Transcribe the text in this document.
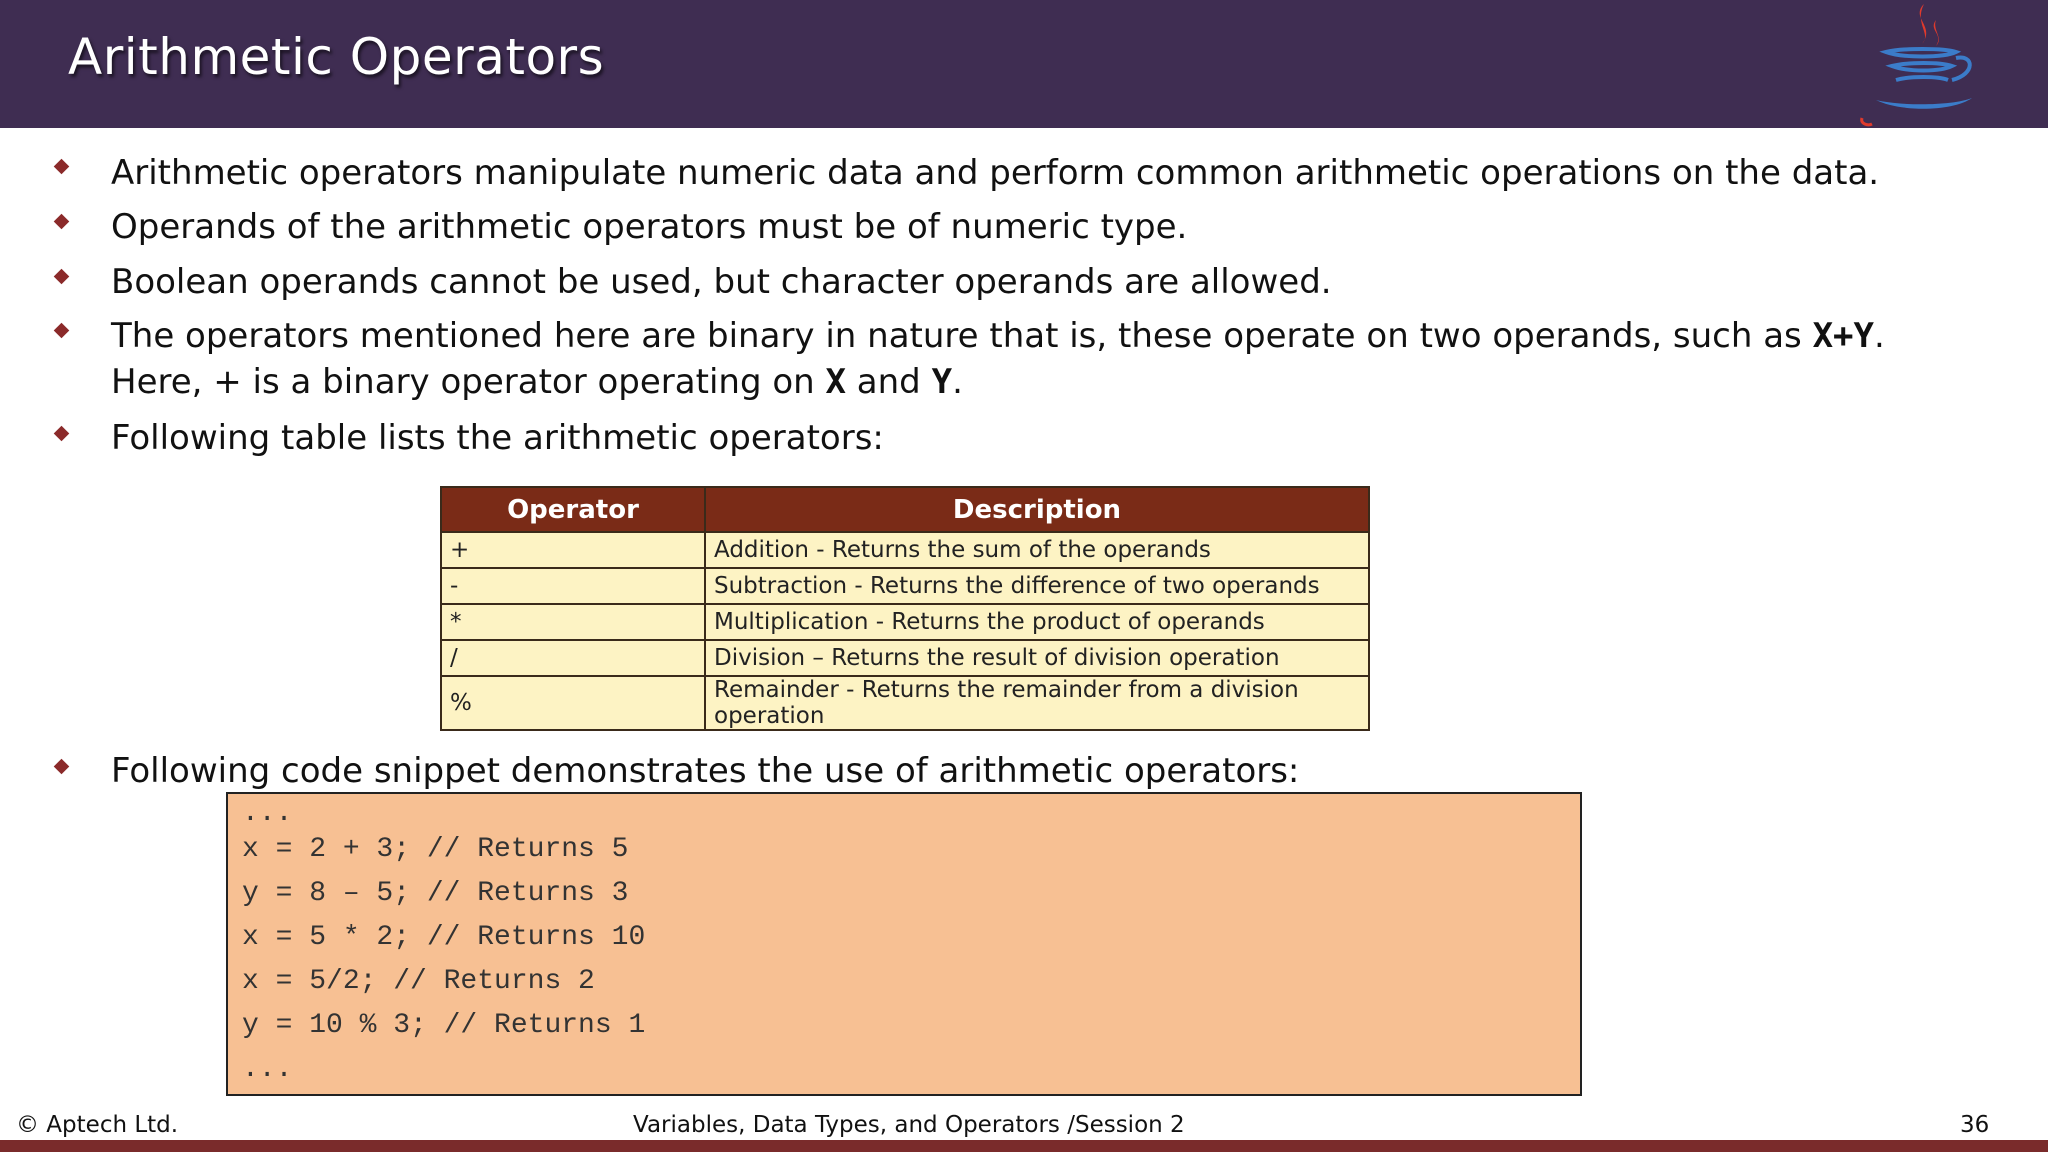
Arithmetic Operators
Arithmetic operators manipulate numeric data and perform common arithmetic operations on the data.
Operands of the arithmetic operators must be of numeric type.
Boolean operands cannot be used, but character operands are allowed.
The operators mentioned here are binary in nature that is, these operate on two operands, such as X+Y.
Here, + is a binary operator operating on X and Y.
Following table lists the arithmetic operators:
Following code snippet demonstrates the use of arithmetic operators:
Operator	Description
+	Addition - Returns the sum of the operands
-	Subtraction - Returns the difference of two operands
*	Multiplication - Returns the product of operands
/	Division – Returns the result of division operation
%	Remainder - Returns the remainder from a division operation
...
x = 2 + 3; // Returns 5
y = 8 – 5; // Returns 3
x = 5 * 2; // Returns 10
x = 5/2; // Returns 2
y = 10 % 3; // Returns 1
...
© Aptech Ltd.	Variables, Data Types, and Operators /Session 2	36
